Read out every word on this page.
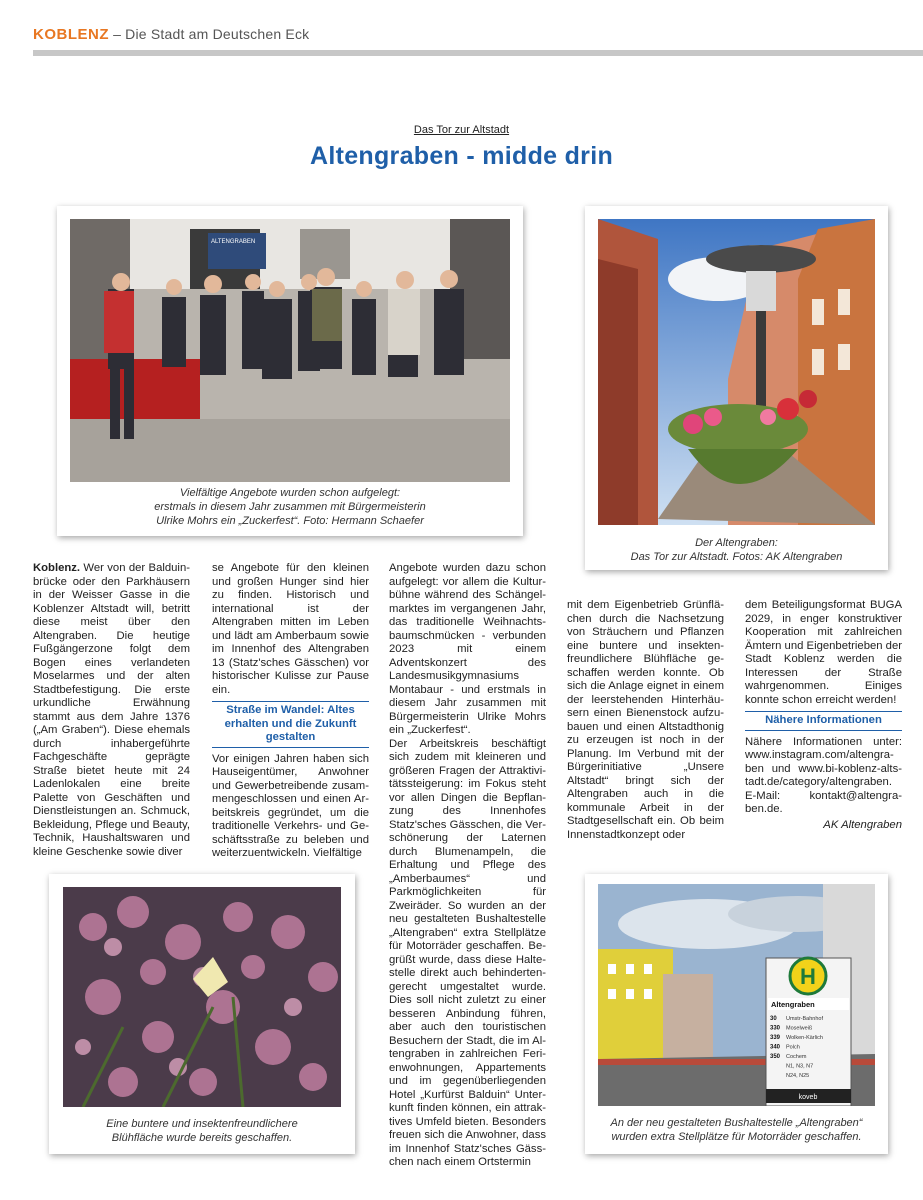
KOBLENZ – Die Stadt am Deutschen Eck
Das Tor zur Altstadt
Altengraben - midde drin
ALTENGRABEN
Vielfältige Angebote wurden schon aufgelegt:
erstmals in diesem Jahr zusammen mit Bürgermeisterin
Ulrike Mohrs ein „Zuckerfest“. Foto: Hermann Schaefer
Der Altengraben:
Das Tor zur Altstadt. Fotos: AK Altengraben
Eine buntere und insektenfreundlichere
Blühfläche wurde bereits geschaffen.
H
Altengraben
30 Umstr-Bahnhof
330 Moselweiß
339 Wolken-Kärlich
340 Polch
350 Cochem
N1, N3, N7
N24, N25
koveb
An der neu gestalteten Bushaltestelle „Altengraben“
wurden extra Stellplätze für Motorräder geschaffen.

Koblenz. Wer von der Balduinbrücke oder den Parkhäusern in der Weisser Gasse in die Koblenzer Altstadt will, betritt diese meist über den Altengraben. Die heutige Fußgängerzone folgt dem Bogen eines verlandeten Moselarmes und der alten Stadtbefestigung. Die erste urkundliche Erwähnung stammt aus dem Jahre 1376 („Am Graben“). Diese ehemals durch inhabergeführte Fachgeschäfte geprägte Straße bietet heute mit 24 Ladenlokalen eine breite Palette von Geschäften und Dienstleistungen an. Schmuck, Bekleidung, Pflege und Beauty, Technik, Haushaltswaren und kleine Geschenke sowie diver

se Angebote für den kleinen und großen Hunger sind hier zu finden. Historisch und international ist der Altengraben mitten im Leben und lädt am Amberbaum sowie im Innenhof des Altengraben 13 (Statz'sches Gässchen) vor historischer Kulisse zur Pause ein.

Straße im Wandel: Altes erhalten und die Zukunft gestalten

Vor einigen Jahren haben sich Hauseigentümer, Anwohner und Gewerbetreibende zusammengeschlossen und einen Arbeitskreis gegründet, um die traditionelle Verkehrs- und Geschäftsstraße zu beleben und weiterzuentwickeln. Vielfältige

Angebote wurden dazu schon aufgelegt: vor allem die Kulturbühne während des Schängelmarktes im vergangenen Jahr, das traditionelle Weihnachtsbaumschmücken - verbunden 2023 mit einem Adventskonzert des Landesmusikgymnasiums Montabaur - und erstmals in diesem Jahr zusammen mit Bürgermeisterin Ulrike Mohrs ein „Zuckerfest“.

Der Arbeitskreis beschäftigt sich zudem mit kleineren und größeren Fragen der Attraktivitätssteigerung: im Fokus steht vor allen Dingen die Bepflanzung des Innenhofes Statz'sches Gässchen, die Verschönerung der Laternen durch Blumenampeln, die Erhaltung und Pflege des „Amberbaumes“ und Parkmöglichkeiten für Zweiräder. So wurden an der neu gestalteten Bushaltestelle „Altengraben“ extra Stellplätze für Motorräder geschaffen. Begrüßt wurde, dass diese Haltestelle direkt auch behindertengerecht umgestaltet wurde. Dies soll nicht zuletzt zu einer besseren Anbindung führen, aber auch den touristischen Besuchern der Stadt, die im Altengraben in zahlreichen Ferienwohnungen, Appartements und im gegenüberliegenden Hotel „Kurfürst Balduin“ Unterkunft finden können, ein attraktives Umfeld bieten. Besonders freuen sich die Anwohner, dass im Innenhof Statz'sches Gässchen nach einem Ortstermin

mit dem Eigenbetrieb Grünflächen durch die Nachsetzung von Sträuchern und Pflanzen eine buntere und insektenfreundlichere Blühfläche geschaffen werden konnte. Ob sich die Anlage eignet in einem der leerstehenden Hinterhäusern einen Bienenstock aufzubauen und einen Altstadthonig zu erzeugen ist noch in der Planung. Im Verbund mit der Bürgerinitiative „Unsere Altstadt“ bringt sich der Altengraben auch in die kommunale Arbeit in der Stadtgesellschaft ein. Ob beim Innenstadtkonzept oder

dem Beteiligungsformat BUGA 2029, in enger konstruktiver Kooperation mit zahlreichen Ämtern und Eigenbetrieben der Stadt Koblenz werden die Interessen der Straße wahrgenommen. Einiges konnte schon erreicht werden!

Nähere Informationen

Nähere Informationen unter: www.instagram.com/altengraben und www.bi-koblenz-altstadt.de/category/altengraben. E-Mail: kontakt@altengraben.de.

AK Altengraben
